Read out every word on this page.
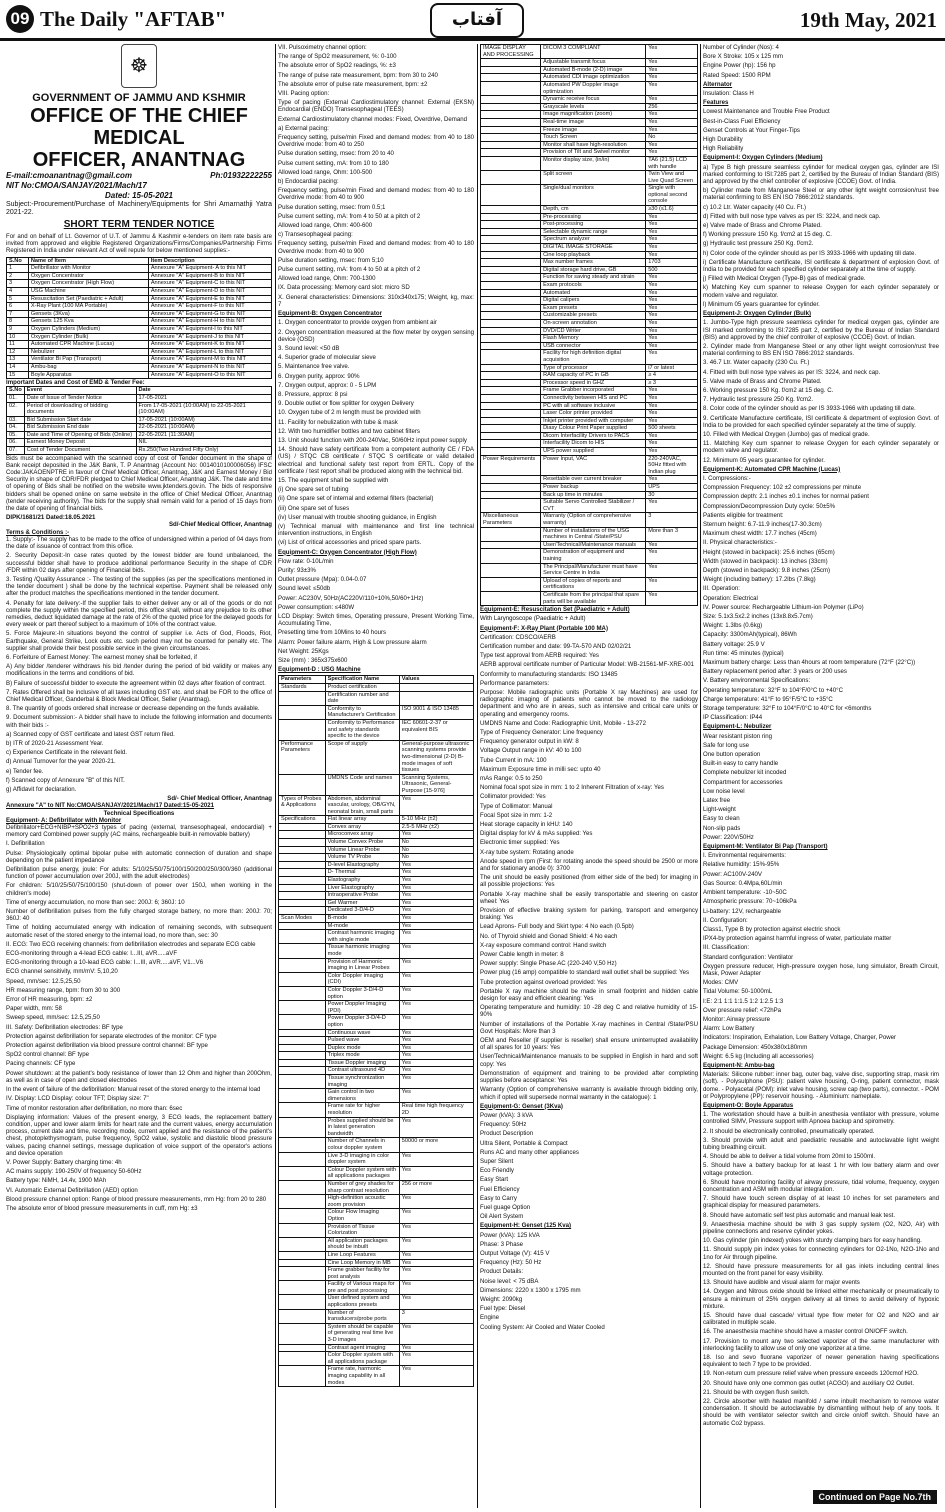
09 The Daily "AFTAB"	آفتاب	19th May, 2021
☸
GOVERNMENT OF JAMMU AND KSHMIR
OFFICE OF THE CHIEF MEDICAL
OFFICER, ANANTNAG
E-mail:cmoanantnag@gmail.com	Ph:01932222255
NIT No:CMOA/SANJAY/2021/Mach/17
Dated: 15-05-2021

Subject:-Procurement/Purchase of Machinery/Equipments for Shri Amarnathji Yatra 2021-22.

SHORT TERM TENDER NOTICE

For and on behalf of Lt. Governor of U.T. of Jammu & Kashmir e-tenders on item rate basis are invited from approved and eligible Registered Organizations/Firms/Companies/Partnership Firms Registered in India under relevant Act of well repute for below mentioned supplies:-

S.No	Name of Item	Item Description
1	Defibrillator with Monitor	Annexure "A" Equipment- A to this NIT
2	Oxygen Concentrator	Annexure "A" Equipment-B to this NIT
3	Oxygen Concentrator (High Flow)	Annexure "A" Equipment-C to this NIT
4	USG Machine	Annexure "A" Equipment-D to this NIT
5	Resuscitation Set (Paediatric + Adult)	Annexure "A" Equipment-E to this NIT
6	X-Ray Plant (100 MA Portable)	Annexure "A" Equipment-F to this NIT
7	Gensets (3Kva)	Annexure "A" Equipment-G to this NIT
8	Gensets 125 Kva	Annexure "A" Equipment-H to this NIT
9	Oxygen Cylinders (Medium)	Annexure "A" Equipment-I to this NIT
10	Oxygen Cylinder (Bulk)	Annexure "A" Equipment-J to this NIT
11	Automated CPR Machine (Lucas)	Annexure "A" Equipment-K to this NIT
12	Nebulizer	Annexure "A" Equipment-L to this NIT
13	Ventilator Bi Pap (Transport)	Annexure "A" Equipment-M to this NIT
14	Ambu-bag	Annexure "A" Equipment-N to this NIT
15	Boyle Apparatus	Annexure "A" Equipment-O to this NIT
Important Dates and Cost of EMD & Tender Fee:
S.No	Event	Date
01.	Date of Issue of Tender Notice	17-05-2021
02.	Period of downloading of bidding documents	From 17-05-2021 (10:00AM) to 22-05-2021 (10:00AM)
03.	Bid Submission Start date	17-05-2021 (10:00AM)
04.	Bid Submission End date	22-05-2021 (10:00AM)
05.	Date and Time of Opening of Bids (Online)	22-05-2021 (11:30AM)
06.	Earnest Money Deposit	NIL
07.	Cost of Tender Document	Rs.250(Two Hundred Fifty Only)

Bids must be accompanied with the scanned copy of cost of Tender document in the shape of Bank receipt deposited in the J&K Bank, T. P Anantnag (Account No: 0014010100006056) IFSC Code:JAKAOENPTRE in favour of Chief Medical Officer, Anantnag, J&K and Earnest Money / Bid Security in shape of CDR/FDR pledged to Chief Medical Officer, Anantnag J&K. The date and time of opening of Bids shall be notified on the website www.jktenders.gov.in. The bids of responsive bidders shall be opened online on same website in the office of Chief Medical Officer, Anantnag (tender receiving authority). The bids for the supply shall remain valid for a period of 15 days from the date of opening of financial bids.

DIPK/1681/21 Dated:18.05.2021
Sd/-Chief Medical Officer, Anantnag
Terms & Conditions :-

1. Supply:- The supply has to be made to the office of undersigned within a period of 04 days from the date of issuance of contract from this office.

2. Security Deposit:-In case rates quoted by the lowest bidder are found unbalanced, the successful bidder shall have to produce additional performance Security in the shape of CDR /FDR within 02 days after opening of Financial bids.

3. Testing /Quality Assurance :- The testing of the supplies (as per the specifications mentioned in the tender document ) shall be done by the technical expertise. Payment shall be released only after the product matches the specifications mentioned in the tender document.

4. Penalty for late delivery:-If the supplier fails to either deliver any or all of the goods or do not complete the supply within the specified period, this office shall, without any prejudice to its other remedies, deduct liquidated damage at the rate of 2% of the quoted price for the delayed goods for every week or part thereof subject to a maximum of 10% of the contract value.

5. Force Majeure:-In situations beyond the control of supplier i.e. Acts of God, Floods, Riot, Earthquake, General Strike, Lock outs etc. such period may not be counted for penalty etc. The supplier shall provide their best possible service in the given circumstances.

6. Forfeiture of Earnest Money: The earnest money shall be forfeited, if

A) Any bidder /tenderer withdraws his bid /tender during the period of bid validity or makes any modifications in the terms and conditions of bid.

B) Failure of successful bidder to execute the agreement within 02 days after fixation of contract.

7. Rates Offered shall be inclusive of all taxes including GST etc. and shall be FOR to the office of Chief Medical Officer, Ganderbal & Block Medical Officer, Seller (Anantnag).

8. The quantity of goods ordered shall increase or decrease depending on the funds available.

9. Document submission:- A bidder shall have to include the following information and documents with their bids :-

a) Scanned copy of GST certificate and latest GST return filed.

b) ITR of 2020-21 Assessment Year.

c) Experience Certificate in the relevant field.

d) Annual Turnover for the year 2020-21.

e) Tender fee.

f) Scanned copy of Annexure "B" of this NIT.

g) Affidavit for declaration.

Sd/- Chief Medical Officer, Anantnag
Annexure "A" to NIT No:CMOA/SANJAY/2021/Mach/17 Dated:15-05-2021
Technical Specifications
Equipment- A: Defibrillator with Monitor

Defibrillator+ECG+NIBP+SPO2+3 types of pacing (external, transesophageal, endocardial) + memory card Combined power supply (AC mains, rechargeable built-in removable battery)

I. Defibrillation

Pulse: Physiologically optimal bipolar pulse with automatic connection of duration and shape depending on the patient impedance

Defibrillation pulse energy, joule: For adults: 5/10/25/50/75/100/150/200/250/300/360 (additional function of power accumulation over 200J, with the adult electrodes)

For children: 5/10/25/50/75/100/150 (shut-down of power over 150J, when working in the children's mode)

Time of energy accumulation, no more than sec: 200J: 6; 360J: 10

Number of defibrillation pulses from the fully charged storage battery, no more than: 200J: 70; 360J: 40

Time of holding accumulated energy with indication of remaining seconds, with subsequent automatic reset of the stored energy to the internal load, no more than, sec: 30

II. ECG: Two ECG receiving channels: from defibrillation electrodes and separate ECG cable

ECG-monitoring through a 4-lead ECG cable: I...III, aVR.....aVF

ECG-monitoring through a 10-lead ECG cable: I...III, aVR.....aVF, V1...V6

ECG channel sensitivity, mm/mV: 5,10,20

Speed, mm/sec: 12.5,25,50

HR measuring range, bpm: from 30 to 300

Error of HR measuring, bpm: ±2

Paper width, mm: 58

Sweep speed, mm/sec: 12.5,25,50

III. Safety: Defibrillation electrodes: BF type

Protection against defibrillation for separate electrodes of the monitor: CF type

Protection against defibrillation via blood pressure control channel: BF type

SpO2 control channel: BF type

Pacing channels: CF type

Power shutdown: at the patient's body resistance of lower than 12 Ohm and higher than 200Ohm, as well as in case of open and closed electrodes

In the event of failure of the defibrillation: Manual reset of the stored energy to the internal load

IV. Display: LCD Display: colour TFT; Display size: 7"

Time of monitor restoration after defibrillation, no more than: 6sec

Displaying information: Values of the present energy, 3 ECG leads, the replacement battery condition, upper and lower alarm limits for heart rate and the current values, energy accumulation process, current date and time, recording mode, current applied and the resistance of the patient's chest, photoplethysmogram, pulse frequency, SpO2 value, systolic and diastolic blood pressure values, pacing channel settings, message duplication of voice support of the operator's actions and device operation

V. Power Supply: Battery charging time: 4h

AC mains supply: 190-250V of frequency 50-60Hz

Battery type: NiMH, 14.4v, 1900 MAh

VI. Automatic External Defibrillation (AED) option

Blood pressure channel option: Range of blood pressure measurements, mm Hg: from 20 to 280

The absolute error of blood pressure measurements in cuff, mm Hg: ±3

VII. Pulsoximetry channel option:

The range of SpO2 measurement, %: 0-100

The absolute error of SpO2 readings, %: ±3

The range of pulse rate measurement, bpm: from 30 to 240

The absolute error of pulse rate measurement, bpm: ±2

VIII. Pacing option:

Type of pacing (External Cardiostimulatory channel: External (EKSN) Endocardial (ENDO) Transesophageal (TEES)

External Cardiostimulatory channel modes: Fixed, Overdrive, Demand

a) External pacing:

Frequency setting, pulse/min Fixed and demand modes: from 40 to 180 Overdrive mode: from 40 to 250

Pulse duration setting, msec: from 20 to 40

Pulse current setting, mA: from 10 to 180

Allowed load range, Ohm: 100-500

b) Endocardial pacing:

Frequency setting, pulse/min Fixed and demand modes: from 40 to 180 Overdrive mode: from 40 to 900

Pulse duration setting, msec: from 0.5;1

Pulse current setting, mA: from 4 to 50 at a pitch of 2

Allowed load range, Ohm: 400-600

c) Transesophageal pacing:

Frequency setting, pulse/min Fixed and demand modes: from 40 to 180 Overdrive mode: from 40 to 900

Pulse duration setting, msec: from 5;10

Pulse current setting, mA: from 4 to 50 at a pitch of 2

Allowed load range, Ohm: 700-1300

IX. Data processing: Memory card slot: micro SD

X. General characteristics: Dimensions: 310x340x175; Weight, kg, max: 7

Equipment-B: Oxygen Concentrator

1. Oxygen concentrator to provide oxygen from ambient air

2. Oxygen concentration measured at the flow meter by oxygen sensing device (OSD)

3. Sound level: <50 dB

4. Superior grade of molecular sieve

5. Maintenance free valve.

6. Oxygen purity, approx: 90%

7. Oxygen output, approx: 0 - 5 LPM

8. Pressure, approx: 8 psi

9. Double outlet or flow splitter for oxygen Delivery

10. Oxygen tube of 2 m length must be provided with

11. Facility for nebulization with tube & mask

12. With two humidifier bottles and two cabinet filters

13. Unit should function with 200-240Vac, 50/60Hz input power supply

14. Should have safety certificate from a competent authority CE / FDA (US) / STQC CB certificate / STQC S certificate or valid detailed electrical and functional safety test report from ERTL. Copy of the certificate / test report shall be produced along with the technical bid.

15. The equipment shall be supplied with

(i) One spare set of tubing

(ii) One spare set of internal and external filters (bacterial)

(iii) One spare set of fuses

(iv) User manual with trouble shooting guidance, in English

(v) Technical manual with maintenance and first line technical intervention instructions, in English

(vi) List of critical accessories and priced spare parts.

Equipment-C: Oxygen Concentrator (High Flow)

Flow rate: 0-10L/min

Purity: 93±3%

Outlet pressure (Mpa): 0.04-0.07

Sound level: ≤50db

Power: AC230V, 50Hz(AC220V/110+10%,50/60+1Hz)

Power consumption: ≤480W

LCD Display: Switch times, Operating pressure, Present Working Time, Accumulating Time,

Presetting time from 10Mins to 40 hours

Alarm: Power failure alarm, High & Low pressure alarm

Net Weight: 25Kgs

Size (mm) : 365x375x600

Equipment-D : USG Machine

Parameters	Specification Name	Values
Standards	Product certification	
	Certification number and date	
	Conformity to Manufacturer's Certification	ISO 9001 & ISO 13485
	Conformity to Performance and safety standards specific to the device	IEC 60601-2-37 or equivalent BIS
Performance Parameters	Scope of supply	General-purpose ultrasonic scanning systems provide two-dimensional (2-D) B-mode images of soft tissues
	UMDNS Code and names	Scanning Systems, Ultrasonic, General-Purpose [15-976]
Types of Probes & Applications	Abdomen, abdominal vascular, urology, OB/GYN, neonatal brain, small parts	Yes
Specifications	Flat linear array	5-10 MHz (±2)
	Convex array	2.5-5 MHz (±2)
	Microconvex array	Yes
	Volume Convex Probe	No
	Volume Linear Probe	No
	Volume TV Probe	No
	D-level Elastography	Yes
	D- Thermal	Yes
	Elastography	Yes
	Liver Elastography	Yes
	Intraoperative Probe	Yes
	Gel Warmer	Yes
	Dedicated 3-D/4-D	Yes
Scan Modes	B-mode	Yes
	M-mode	Yes
	Contrast harmonic imaging with single mode	Yes
	Tissue harmonic imaging mode	Yes
	Provision of Harmonic imaging in Linear Probes	Yes
	Color Doppler imaging (CDI)	Yes
	Color Doppler 3-D/4-D option	Yes
	Power Doppler Imaging (PDI)	Yes
	Power Doppler 3-D/4-D option	Yes
	Continuous wave	Yes
	Pulsed wave	Yes
	Duplex mode	Yes
	Triplex mode	Yes
	Tissue Doppler imaging	Yes
	Contrast ultrasound 4D	Yes
	Tissue synchronization imaging	Yes
	Gain control in two dimensions	Yes
	Frame rate for higher resolution	Real time high frequency 2D
	Probes supplied should be in latest generation bandwidth	Yes
	Number of Channels in colour doppler system	50000 or more
	Live 3-D imaging in color doppler system	Yes
	Colour Doppler system with all applications packages	Yes
	Number of grey shades for sharp contrast resolution	256 or more
	High-definition acoustic zoom provision	Yes
	Colour Flow Imaging Option	Yes
	Provision of Tissue Colorization	Yes
	All application packages should be inbuilt	Yes
	Line Loop Features	Yes
	Cine Loop Memory in MB	Yes
	Frame grabber facility for post analysis	Yes
	Facility of Various maps for pre and post processing	Yes
	User defined system and applications presets	Yes
	Number of transducers/probe ports	3
	System should be capable of generating real time live 3-D images	Yes
	Contrast agent imaging	Yes
	Color Doppler system with all applications package	Yes
	Frame rate, harmonic imaging capability in all modes	Yes
IMAGE DISPLAY AND PROCESSING	DICOM 3 COMPLIANT	Yes
	Adjustable transmit focus	Yes
	Automated B-mode (2-D) image	Yes
	Automated CDI image optimization	Yes
	Automated PW Doppler image optimization	Yes
	Dynamic receive focus	Yes
	Grayscale levels	256
	Image magnification (zoom)	Yes
	Real-time image	Yes
	Freeze image	Yes
	Touch Screen	No
	Monitor shall have high-resolution	Yes
	Provision of Tilt and Swivel monitor	Yes
	Monitor display size, (in/in)	TA6 (21.5) LCD with handle
	Split screen	Twin View and Live Quad Screen
	Single/dual monitors	Single with optional second console
	Depth, cm	≥30 (≤1.6)
	Pre-processing	Yes
	Post-processing	Yes
	Selectable dynamic range	Yes
	Spectrum analyzer	Yes
	DIGITAL IMAGE STORAGE	Yes
	Cine loop playback	Yes
	Max number frames	1703
	Digital storage hard drive, GB	500
	Function for saving steady and strain	Yes
	Exam protocols	Yes
	Automated	Yes
	Digital calipers	Yes
	Exam presets	Yes
	Customizable presets	Yes
	On-screen annotation	Yes
	DVD/CD Writer	Yes
	Flash Memory	Yes
	USB connector	Yes
	Facility for high definition digital acquisition	Yes
	Type of processor	i7 or latest
	RAM capacity of PC in GB	≥ 4
	Processor speed in GHZ	≥ 3
	Frame Grabber incorporated	Yes
	Connectivity between HIS and PC	Yes
	PC with all software inclusive	Yes
	Laser Color printer provided	Yes
	Inkjet printer provided with computer	Yes
	Diasy Colour Print Paper supplied	500 sheets
	Dicom Interfacility Drivers to PACS	Yes
	Interfacility Dicom to HIS	Yes
	UPS power supplied	Yes
Power Requirements	Power Input, VAC	220-240VAC, 50Hz fitted with Indian plug
	Resettable over current breaker	Yes
	Power backup	UPS
	Back up time in minutes	30
	Suitable Servo Controlled Stabilizer / CVT	Yes
Miscellaneous Parameters	Warranty (Option of comprehensive warranty)	3
	Number of installations of the USG machines in Central /State/PSU	More than 3
	User/Technical/Maintenance manuals	Yes
	Demonstration of equipment and training	Yes
	The Principal/Manufacturer must have Service Centre in India	Yes
	Upload of copies of reports and certifications	Yes
	Certificate from the principal that spare parts will be available	Yes

Equipment-E: Resuscitation Set (Paediatric + Adult)

With Laryngoscope (Paediatric + Adult)

Equipment-F: X-Ray Plant (Portable 100 MA)

Certification: CDSCO/AERB

Certification number and date: 99-TA-570 AND 02/02/21

Type test approval from AERB required: Yes

AERB approval certificate number of Particular Model: WB-21561-MF-XRE-001

Conformity to manufacturing standards: ISO 13485

Performance parameters:

Purpose: Mobile radiographic units (Portable X ray Machines) are used for radiographic imaging of patients who cannot be moved to the radiology department and who are in areas, such as intensive and critical care units or operating and emergency rooms.

UMDNS Name and Code: Radiographic Unit, Mobile - 13-272

Type of Frequency Generator: Line frequency

Frequency generator output in kW: 8

Voltage Output range in kV: 40 to 100

Tube Current in mA: 100

Maximum Exposure time in milli sec: upto 40

mAs Range: 0.5 to 250

Nominal focal spot size in mm: 1 to 2 Inherent Filtration of x-ray: Yes

Collimator provided: Yes

Type of Collimator: Manual

Focal Spot size in mm: 1-2

Heat storage capacity in kHU: 140

Digital display for kV & mAs supplied: Yes

Electronic timer supplied: Yes

X-ray tube system: Rotating anode

Anode speed in rpm (First: for rotating anode the speed should be 2500 or more and for stationary anode 0): 3700

The unit should be easily positioned (from either side of the bed) for imaging in all possible projections: Yes

Portable X-ray machine shall be easily transportable and steering on castor wheel: Yes

Provision of effective braking system for parking, transport and emergency braking: Yes

Lead Aprons- Full body and Skirt type: 4 No each (0.5pb)

No. of Thyroid shield and Gonad Shield: 4 No each

X-ray exposure command control: Hand switch

Power Cable length in meter: 8

Power supply: Single Phase AC (220-240 V,50 Hz)

Power plug (16 amp) compatible to standard wall outlet shall be supplied: Yes

Tube protection against overload provided: Yes

Portable X ray machine should be made in small footprint and hidden cable design for easy and efficient cleaning: Yes

Operating temperature and humidity: 10 -28 deg C and relative humidity of 15-90%

Number of installations of the Portable X-ray machines in Central /State/PSU Govt Hospitals: More than 3

OEM and Reseller (if supplier is reseller) shall ensure uninterrupted availability of all spares for 10 years: Yes

User/Technical/Maintenance manuals to be supplied in English in hard and soft copy: Yes

Demonstration of equipment and training to be provided after completing supplies before acceptance: Yes

Warranty (Option of comprehensive warranty is available through bidding only, which if opted will supersede normal warranty in the catalogue): 1

Equipment-G: Genset (3Kva)

Power (kVA): 3 kVA

Frequency: 50Hz

Product Description

Ultra Silent, Portable & Compact

Runs AC and many other appliances

Super Silent

Eco Friendly

Easy Start

Fuel Efficiency

Easy to Carry

Fuel guage Option

Oil Alert System

Equipment-H: Genset (125 Kva)

Power (kVA): 125 kVA

Phase: 3 Phase

Output Voltage (V): 415 V

Frequency (Hz): 50 Hz

Product Details:

Noise level: < 75 dBA

Dimensions: 2220 x 1300 x 1795 mm

Weight: 2090kg

Fuel type: Diesel

Engine

Cooling System: Air Cooled and Water Cooled

Number of Cylinder (Nos): 4

Bore X Stroke: 105 x 125 mm

Engine Power (hp): 156 hp

Rated Speed: 1500 RPM

Alternator

Insulation: Class H

Features

Lowest Maintenance and Trouble Free Product

Best-in-Class Fuel Efficiency

Genset Controls at Your Finger-Tips

High Durability

High Reliability

Equipment-I: Oxygen Cylinders (Medium)

a) Type B high pressure seamless cylinder for medical oxygen gas, cylinder are ISI marked conforming to ISI:7285 part 2, certified by the Bureau of Indian Standard (BIS) and approved by the chief controller of explosive (CCOE) Govt. of India.

b) Cylinder made from Manganese Steel or any other light weight corrosion/rust free material confirming to BS EN ISO 7866:2012 standards.

c) 10.2 Ltr. Water capacity (40 Cu. Ft.)

d) Fitted with bull nose type valves as per IS: 3224, and neck cap.

e) Valve made of Brass and Chrome Plated.

f) Working pressure 150 Kg. f/cm2 at 15 deg. C.

g) Hydraulic test pressure 250 Kg. f/cm2.

h) Color code of the cylinder should as per IS 3933-1966 with updating till date.

i) Certificate Manufacture certificate, ISI certificate & department of explosion Govt. of India to be provided for each specified cylinder separately at the time of supply.

j) Filled with Medical Oxygen (Type-B) gas of medical grade.

k) Matching Key cum spanner to release Oxygen for each cylinder separately or modern valve and regulator.

l) Minimum 05 years guarantee for cylinder.

Equipment-J: Oxygen Cylinder (Bulk)

1. Jumbo-Type high pressure seamless cylinder for medical oxygen gas, cylinder are ISI marked conforming to ISI:7285 part 2, certified by the Bureau of Indian Standard (BIS) and approved by the chief controller of explosive (CCOE) Govt. of Indian.

2. Cylinder made from Manganese Steel or any other light weight corrosion/rust free material confirming to BS EN ISO 7866:2012 standards.

3. 46.7 Ltr. Water capacity (230 Cu. Ft.)

4. Fitted with bull nose type valves as per IS: 3224, and neck cap.

5. Valve made of Brass and Chrome Plated.

6. Working pressure 150 Kg. f/cm2 at 15 deg. C.

7. Hydraulic test pressure 250 Kg. f/cm2.

8. Color code of the cylinder should as per IS 3933-1966 with updating till date.

9. Certificate Manufacture certificate, ISI certificate & department of explosion Govt. of India to be provided for each specified cylinder separately at the time of supply.

10. Filled with Medical Oxygen (Jumbo) gas of medical grade.

11. Matching Key cum spanner to release Oxygen for each cylinder separately or modern valve and regulator.

12. Minimum 05 years guarantee for cylinder.

Equipment-K: Automated CPR Machine (Lucas)

I. Compressions:-

Compression Frequency: 102 ±2 compressions per minute

Compression depth: 2.1 inches ±0.1 inches for normal patient

Compression/Decompression Duty cycle: 50±5%

Patients eligible for treatment:

Sternum height: 6.7-11.9 inches(17-30.3cm)

Maximum chest width: 17.7 inches (45cm)

II. Physical characteristics:-

Height (stowed in backpack): 25.6 inches (65cm)

Width (stowed in backpack): 13 inches (33cm)

Depth (stowed in backpack): 9.8 inches (25cm)

Weight (including battery): 17.2lbs (7.8kg)

III. Operation:

Operation: Electrical

IV. Power source: Rechargeable Lithium-ion Polymer (LiPo)

Size: 5.1x3.5x2.2 inches (13x8.8x5.7cm)

Weight: 1.3lbs (0.6kg)

Capacity: 3300mAh(typical), 86Wh

Battery voltage: 25.9 V

Run time: 45 minutes (typical)

Maximum battery charge: Less than 4hours at room temperature (72°F (22°C))

Battery replacement period after: 3 years or 200 uses

V. Battery environmental Specifications:

Operating temperature: 32°F to 104°F/0°C to +40°C

Charge temperature: 41°F to 95°F/5°C to +35°C

Storage temperature: 32°F to 104°F/0°C to 40°C for <6months

IP Classification: IP44

Equipment-L: Nebulizer

Wear resistant piston ring

Safe for long use

One button operation

Built-in easy to carry handle

Complete nebulizer kit incoded

Compartment for accessories

Low noise level

Latex free

Light-weight

Easy to clean

Non-slip pads

Power: 220V/50Hz

Equipment-M: Ventilator Bi Pap (Transport)

I. Environmental requirements:

Relative humidity: 15%-95%

Power: AC100V-240V

Gas Source: 0.4Mpa,60L/min

Ambient temperature: -10~50C

Atmospheric pressure: 70~106kPa

Li-battery: 12V, rechargeable

II. Configuration:

Class1, Type B by protection against electric shock

IPX4-by protection against harmful ingress of water, particulate matter

III. Classification:

Standard configuration: Ventilator

Oxygen pressure reducer, High-pressure oxygen hose, lung simulator, Breath Circuit, Mask, Power Adapter

Modes: CMV

Tidal Volume: 50-1000mL

I:E: 2:1 1:1 1:1.5 1:2 1:2.5 1:3

Over pressure relief: <72hPa

Monitor: Airway pressure

Alarm: Low Battery

Indicators: Inspiration, Exhalation, Low Battery Voltage, Charger, Power

Package Dimension: 450x380x180mm

Weight: 6.5 kg (Including all accessories)

Equipment-N: Ambu-bag

Materials: Silicone rubber: inner bag, outer bag, valve disc, supporting strap, mask rim (soft). - Polysulphone (PSU): patient valve housing, O-ring, patient connector, mask dome. - Polyacetal (POM): inlet valve housing, screw cap (two parts), connector. - POM or Polypropylene (PP): reservoir housing. - Aluminium: nameplate.

Equipment-O: Boyle Apparatus

1. The workstation should have a built-in anesthesia ventilator with pressure, volume controlled SIMV, Pressure support with Apnoea backup and spirometry.

2. It should be electronically controlled, pneumatically operated.

3. Should provide with adult and paediatric reusable and autoclavable light weight tubing breathing circuit.

4. Should be able to deliver a tidal volume from 20ml to 1500ml.

5. Should have a battery backup for at least 1 hr with low battery alarm and over voltage protection.

6. Should have monitoring facility of airway pressure, tidal volume, frequency, oxygen concentration and ASM with modular integration.

7. Should have touch screen display of at least 10 inches for set parameters and graphical display for measured parameters.

8. Should have automatic self test plus automatic and manual leak test.

9. Anaesthesia machine should be with 3 gas supply system (O2, N2O, Air) with pipeline connections and reserve cylinder yokes.

10. Gas cylinder (pin indexed) yokes with sturdy clamping bars for easy handling.

11. Should supply pin index yokes for connecting cylinders for O2-1No, N2O-1No and 1no for Air through pipeline.

12. Should have pressure measurements for all gas inlets including central lines mounted on the front panel for easy visibility.

13. Should have audible and visual alarm for major events

14. Oxygen and Nitrous oxide should be linked either mechanically or pneumatically to ensure a minimum of 25% oxygen delivery at all times to avoid delivery of hypoxic mixture.

15. Should have dual cascade/ virtual type flow meter for O2 and N2O and air calibrated in multiple scale.

16. The anaesthesia machine should have a master control ON/OFF switch.

17. Provision to mount any two selected vaporizer of the same manufacturer with interlocking facility to allow use of only one vaporizer at a time.

18. Iso and sevo fluorane vaporizer of newer generation having specifications equivalent to tech 7 type to be provided.

19. Non-return cum pressure relief valve when pressure exceeds 120cmof H2O.

20. Should have only one common gas outlet (ACGO) and auxiliary O2 Outlet.

21. Should be with oxygen flush switch.

22. Circle absorber with heated manifold / same inbuilt mechanism to remove water condensation. It should be autoclavable by dismantling without help of any tools. It should be with ventilator selector switch and circle on/off switch. Should have an automatic Co2 bypass.

Continued on Page No.7th
